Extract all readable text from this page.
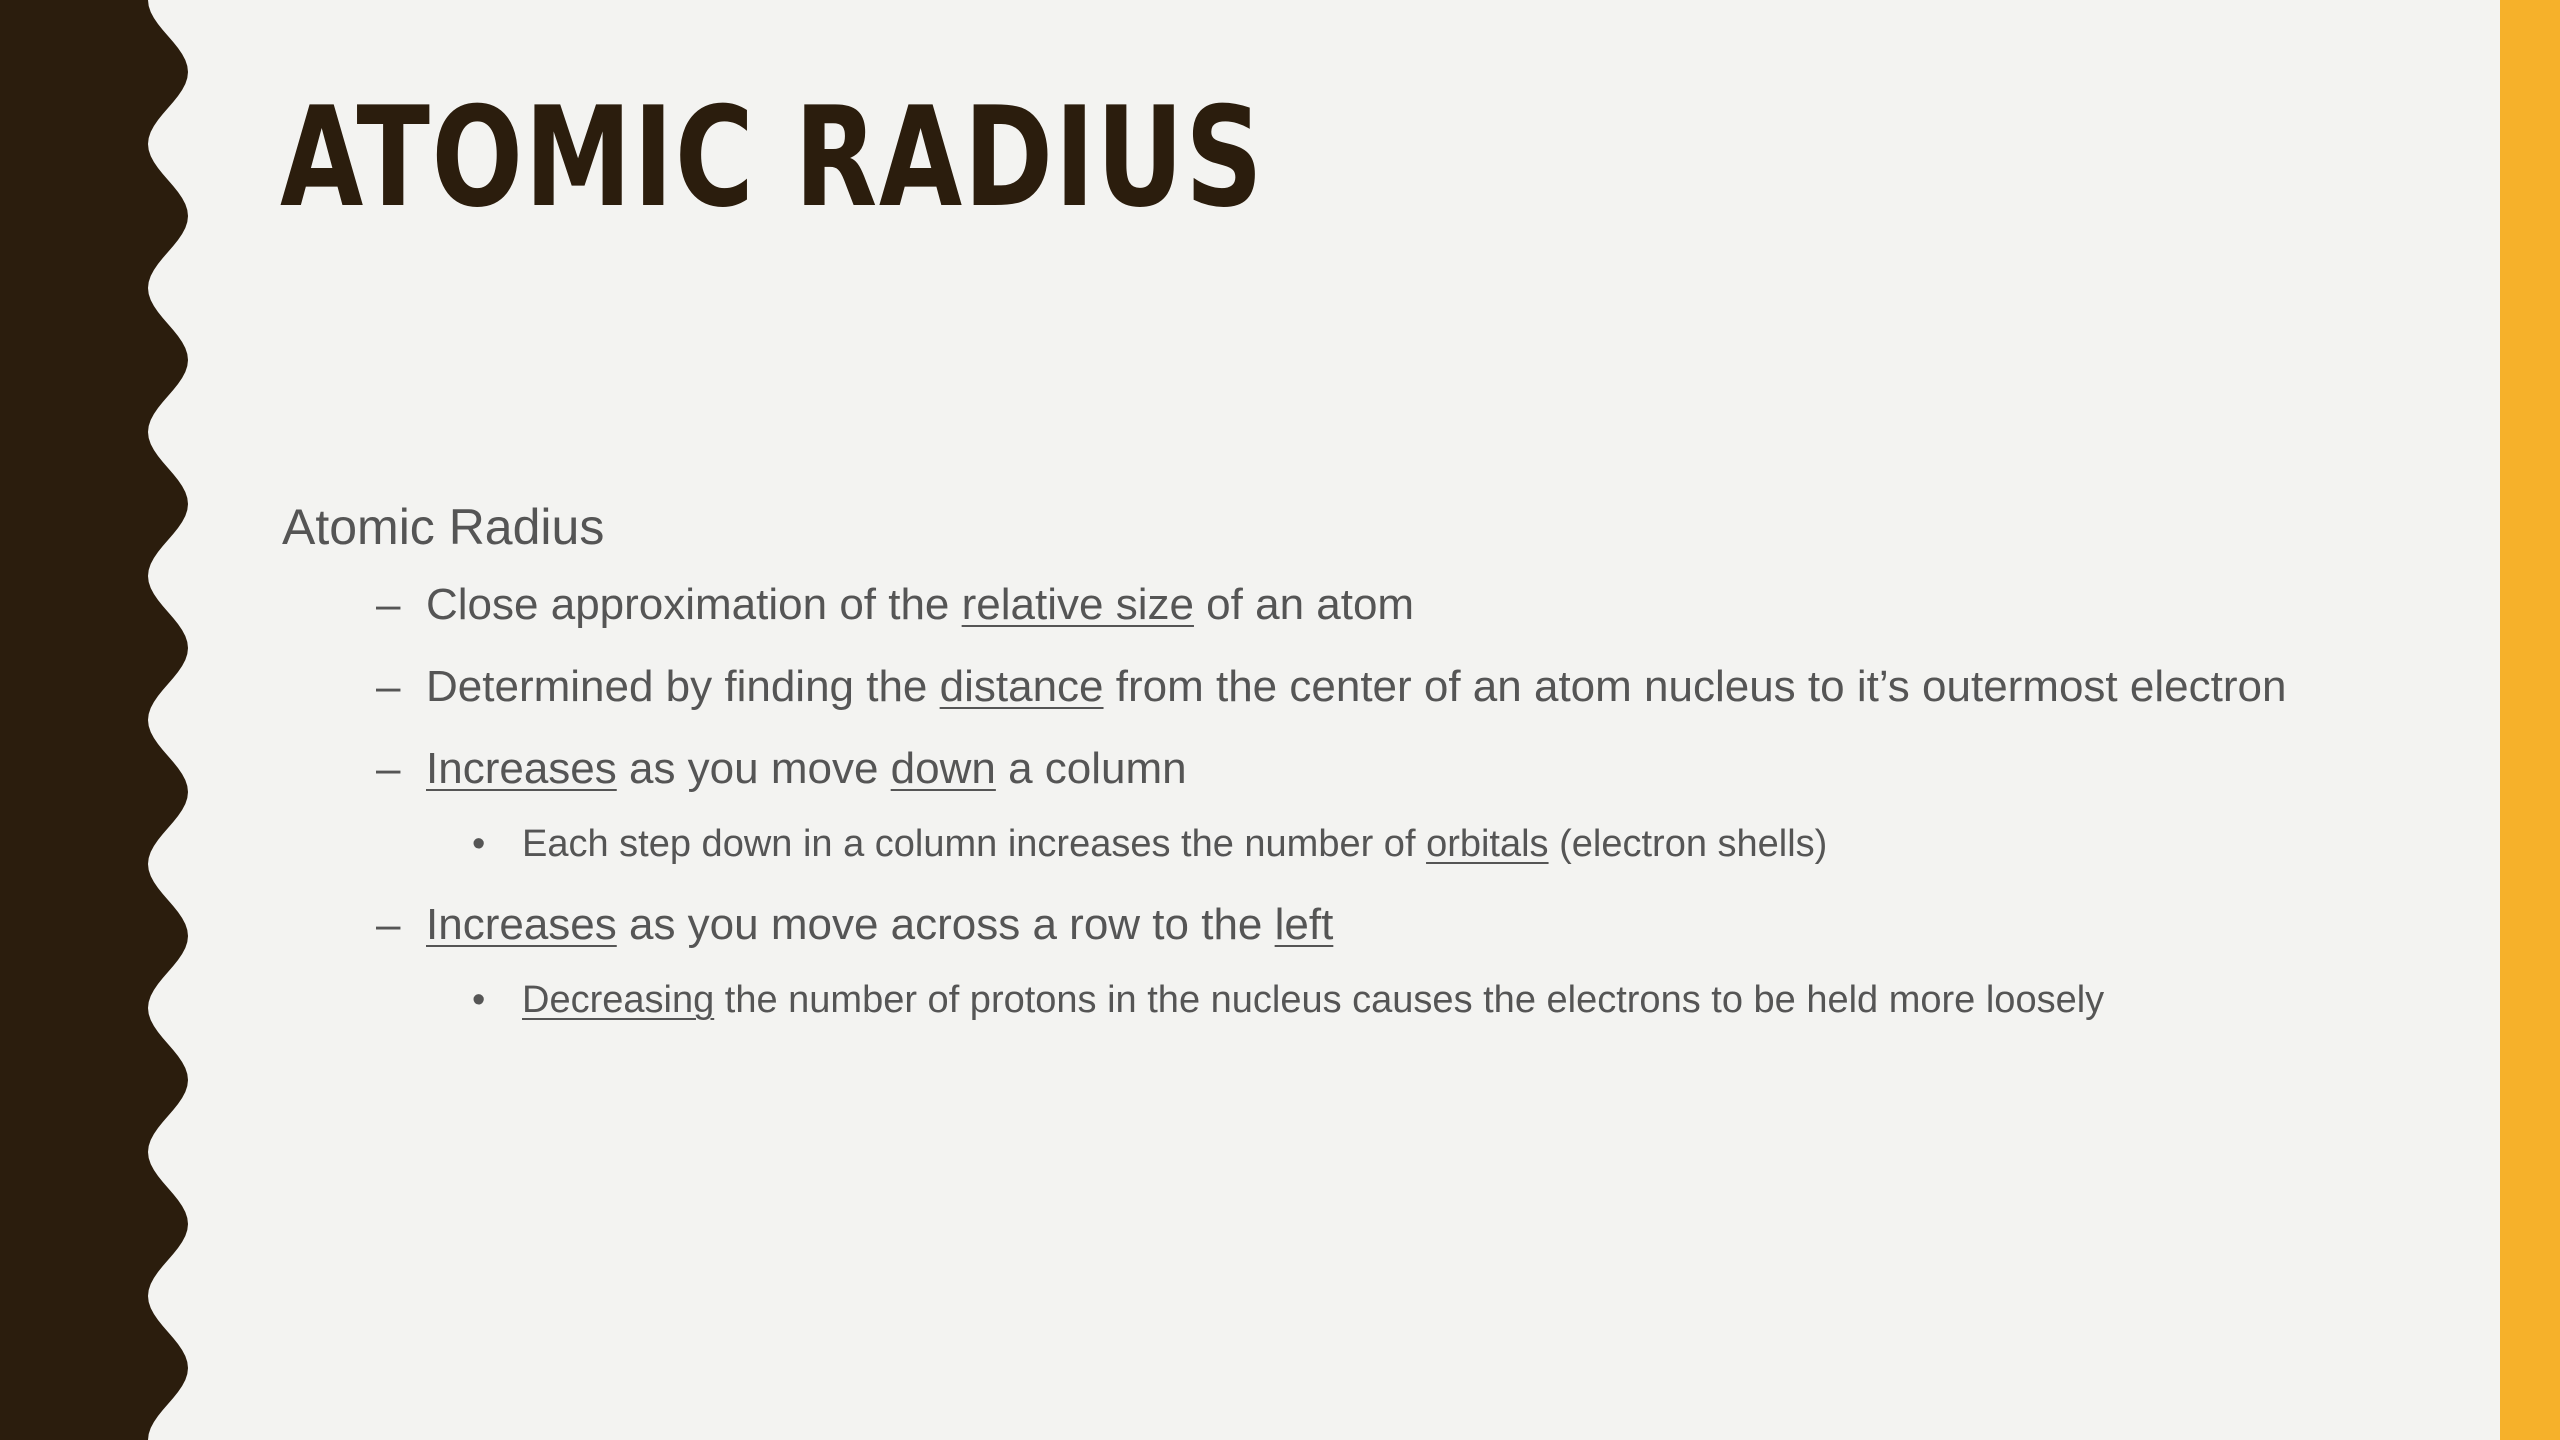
ATOMIC RADIUS
Atomic Radius
– Close approximation of the relative size of an atom
– Determined by finding the distance from the center of an atom nucleus to it’s outermost electron
– Increases as you move down a column
• Each step down in a column increases the number of orbitals (electron shells)
– Increases as you move across a row to the left
• Decreasing the number of protons in the nucleus causes the electrons to be held more loosely
